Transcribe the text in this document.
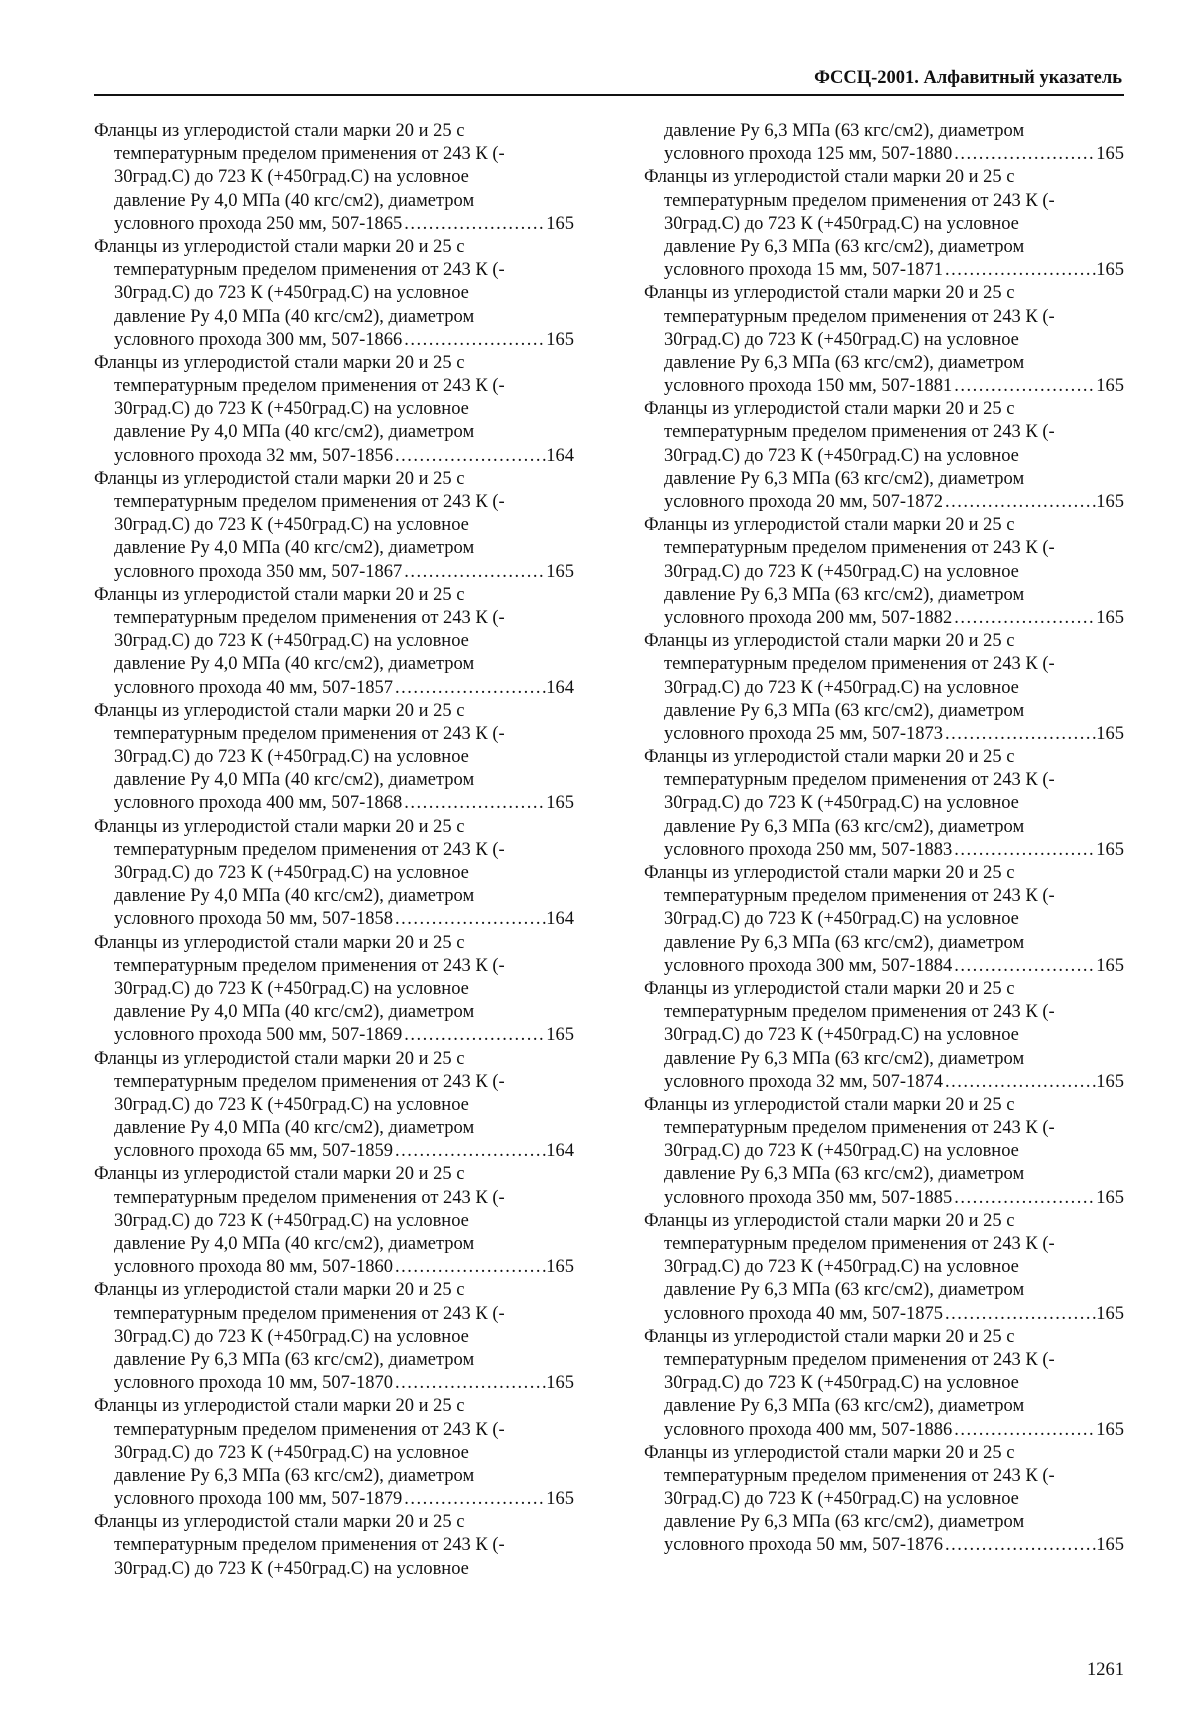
ФССЦ-2001. Алфавитный указатель
Фланцы из углеродистой стали марки 20 и 25 с
температурным пределом применения от 243 К (-
30град.С) до 723 К (+450град.С) на условное
давление Ру 4,0 МПа (40 кгс/см2), диаметром
условного прохода 250 мм, 507-1865 .....	165
Фланцы из углеродистой стали марки 20 и 25 с
температурным пределом применения от 243 К (-
30град.С) до 723 К (+450град.С) на условное
давление Ру 4,0 МПа (40 кгс/см2), диаметром
условного прохода 300 мм, 507-1866 .....	165
Фланцы из углеродистой стали марки 20 и 25 с
температурным пределом применения от 243 К (-
30град.С) до 723 К (+450град.С) на условное
давление Ру 4,0 МПа (40 кгс/см2), диаметром
условного прохода 32 мм, 507-1856 .....	164
Фланцы из углеродистой стали марки 20 и 25 с
температурным пределом применения от 243 К (-
30град.С) до 723 К (+450град.С) на условное
давление Ру 4,0 МПа (40 кгс/см2), диаметром
условного прохода 350 мм, 507-1867 .....	165
Фланцы из углеродистой стали марки 20 и 25 с
температурным пределом применения от 243 К (-
30град.С) до 723 К (+450град.С) на условное
давление Ру 4,0 МПа (40 кгс/см2), диаметром
условного прохода 40 мм, 507-1857 .....	164
Фланцы из углеродистой стали марки 20 и 25 с
температурным пределом применения от 243 К (-
30град.С) до 723 К (+450град.С) на условное
давление Ру 4,0 МПа (40 кгс/см2), диаметром
условного прохода 400 мм, 507-1868 .....	165
Фланцы из углеродистой стали марки 20 и 25 с
температурным пределом применения от 243 К (-
30град.С) до 723 К (+450град.С) на условное
давление Ру 4,0 МПа (40 кгс/см2), диаметром
условного прохода 50 мм, 507-1858 .....	164
Фланцы из углеродистой стали марки 20 и 25 с
температурным пределом применения от 243 К (-
30град.С) до 723 К (+450град.С) на условное
давление Ру 4,0 МПа (40 кгс/см2), диаметром
условного прохода 500 мм, 507-1869 .....	165
Фланцы из углеродистой стали марки 20 и 25 с
температурным пределом применения от 243 К (-
30град.С) до 723 К (+450град.С) на условное
давление Ру 4,0 МПа (40 кгс/см2), диаметром
условного прохода 65 мм, 507-1859 .....	164
Фланцы из углеродистой стали марки 20 и 25 с
температурным пределом применения от 243 К (-
30град.С) до 723 К (+450град.С) на условное
давление Ру 4,0 МПа (40 кгс/см2), диаметром
условного прохода 80 мм, 507-1860 .....	165
Фланцы из углеродистой стали марки 20 и 25 с
температурным пределом применения от 243 К (-
30град.С) до 723 К (+450град.С) на условное
давление Ру 6,3 МПа (63 кгс/см2), диаметром
условного прохода 10 мм, 507-1870 .....	165
Фланцы из углеродистой стали марки 20 и 25 с
температурным пределом применения от 243 К (-
30град.С) до 723 К (+450град.С) на условное
давление Ру 6,3 МПа (63 кгс/см2), диаметром
условного прохода 100 мм, 507-1879 .....	165
Фланцы из углеродистой стали марки 20 и 25 с
температурным пределом применения от 243 К (-
30град.С) до 723 К (+450град.С) на условное
давление Ру 6,3 МПа (63 кгс/см2), диаметром
условного прохода 125 мм, 507-1880 .....	165
Фланцы из углеродистой стали марки 20 и 25 с
температурным пределом применения от 243 К (-
30град.С) до 723 К (+450град.С) на условное
давление Ру 6,3 МПа (63 кгс/см2), диаметром
условного прохода 15 мм, 507-1871 .....	165
Фланцы из углеродистой стали марки 20 и 25 с
температурным пределом применения от 243 К (-
30град.С) до 723 К (+450град.С) на условное
давление Ру 6,3 МПа (63 кгс/см2), диаметром
условного прохода 150 мм, 507-1881 .....	165
Фланцы из углеродистой стали марки 20 и 25 с
температурным пределом применения от 243 К (-
30град.С) до 723 К (+450град.С) на условное
давление Ру 6,3 МПа (63 кгс/см2), диаметром
условного прохода 20 мм, 507-1872 .....	165
Фланцы из углеродистой стали марки 20 и 25 с
температурным пределом применения от 243 К (-
30град.С) до 723 К (+450град.С) на условное
давление Ру 6,3 МПа (63 кгс/см2), диаметром
условного прохода 200 мм, 507-1882 .....	165
Фланцы из углеродистой стали марки 20 и 25 с
температурным пределом применения от 243 К (-
30град.С) до 723 К (+450град.С) на условное
давление Ру 6,3 МПа (63 кгс/см2), диаметром
условного прохода 25 мм, 507-1873 .....	165
Фланцы из углеродистой стали марки 20 и 25 с
температурным пределом применения от 243 К (-
30град.С) до 723 К (+450град.С) на условное
давление Ру 6,3 МПа (63 кгс/см2), диаметром
условного прохода 250 мм, 507-1883 .....	165
Фланцы из углеродистой стали марки 20 и 25 с
температурным пределом применения от 243 К (-
30град.С) до 723 К (+450град.С) на условное
давление Ру 6,3 МПа (63 кгс/см2), диаметром
условного прохода 300 мм, 507-1884 .....	165
Фланцы из углеродистой стали марки 20 и 25 с
температурным пределом применения от 243 К (-
30град.С) до 723 К (+450град.С) на условное
давление Ру 6,3 МПа (63 кгс/см2), диаметром
условного прохода 32 мм, 507-1874 .....	165
Фланцы из углеродистой стали марки 20 и 25 с
температурным пределом применения от 243 К (-
30град.С) до 723 К (+450град.С) на условное
давление Ру 6,3 МПа (63 кгс/см2), диаметром
условного прохода 350 мм, 507-1885 .....	165
Фланцы из углеродистой стали марки 20 и 25 с
температурным пределом применения от 243 К (-
30град.С) до 723 К (+450град.С) на условное
давление Ру 6,3 МПа (63 кгс/см2), диаметром
условного прохода 40 мм, 507-1875 .....	165
Фланцы из углеродистой стали марки 20 и 25 с
температурным пределом применения от 243 К (-
30град.С) до 723 К (+450град.С) на условное
давление Ру 6,3 МПа (63 кгс/см2), диаметром
условного прохода 400 мм, 507-1886 .....	165
Фланцы из углеродистой стали марки 20 и 25 с
температурным пределом применения от 243 К (-
30град.С) до 723 К (+450град.С) на условное
давление Ру 6,3 МПа (63 кгс/см2), диаметром
условного прохода 50 мм, 507-1876 .....	165
1261
